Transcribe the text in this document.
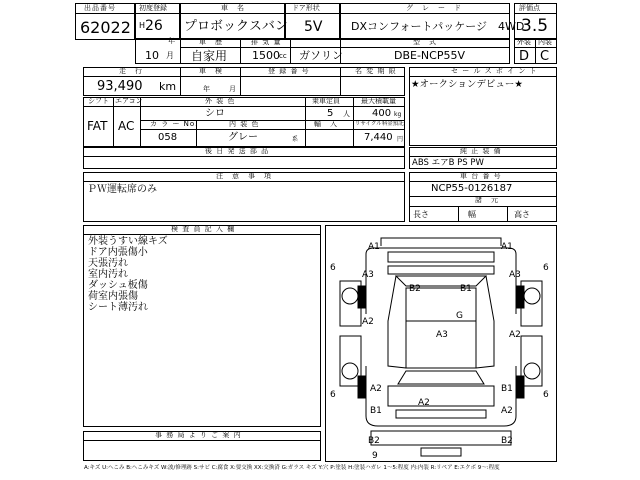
出品番号
62022
初度登録
H 26
車　名
プロボックスバン
ドア形状
5V
グ　レ　ー　ド
DXコンフォートパッケージ　4WD
評価点
3.5
10 月
年	車　歴
自家用
排 気 量
1500 cc ガソリン
型　式
DBE-NCP55V
外装 内装
D C
走　行
93,490 km
車　検
年	月
登 録 番 号	名 変 期 限	セ ー ル ス ポ イ ン ト
★オークションデビュー★
シフト エアコン
FAT AC
外 装 色
シロ
乗車定員
5 人
最大積載量
400 kg
カ ラ ー No.	内 装 色	輸　入	リサイクル料金預託
058	グレー	系	7,440 円
後 日 発 送 部 品	純 正 装 備
ABS エアB PS PW
注　意　事　項
ＰＷ運転席のみ
車 台 番 号
NCP55-0126187
諸　元
長さ	幅	高さ
検 査 員 記 入 欄
外装うすい線キズ
ドア内張傷小
天張汚れ
室内汚れ
ダッシュ板傷
荷室内張傷
シート薄汚れ
事 務 局 よ り ご 案 内
A1	A1
6	6
A3	A3
B2	B1
A2
G
A3	A2
A2	B1
6	6
A2
B1	A2
B2	B2
9
A:キズ U:へこみ B:へこみキズ W:波/修理跡 S:サビ C:腐食 X:要交換 XX:交換済 G:ガラス キズ Y:穴 P:塗装 H:塗装ハガレ 1〜5:程度 内:内装 R:リペア E:エクボ 9〜:程度
